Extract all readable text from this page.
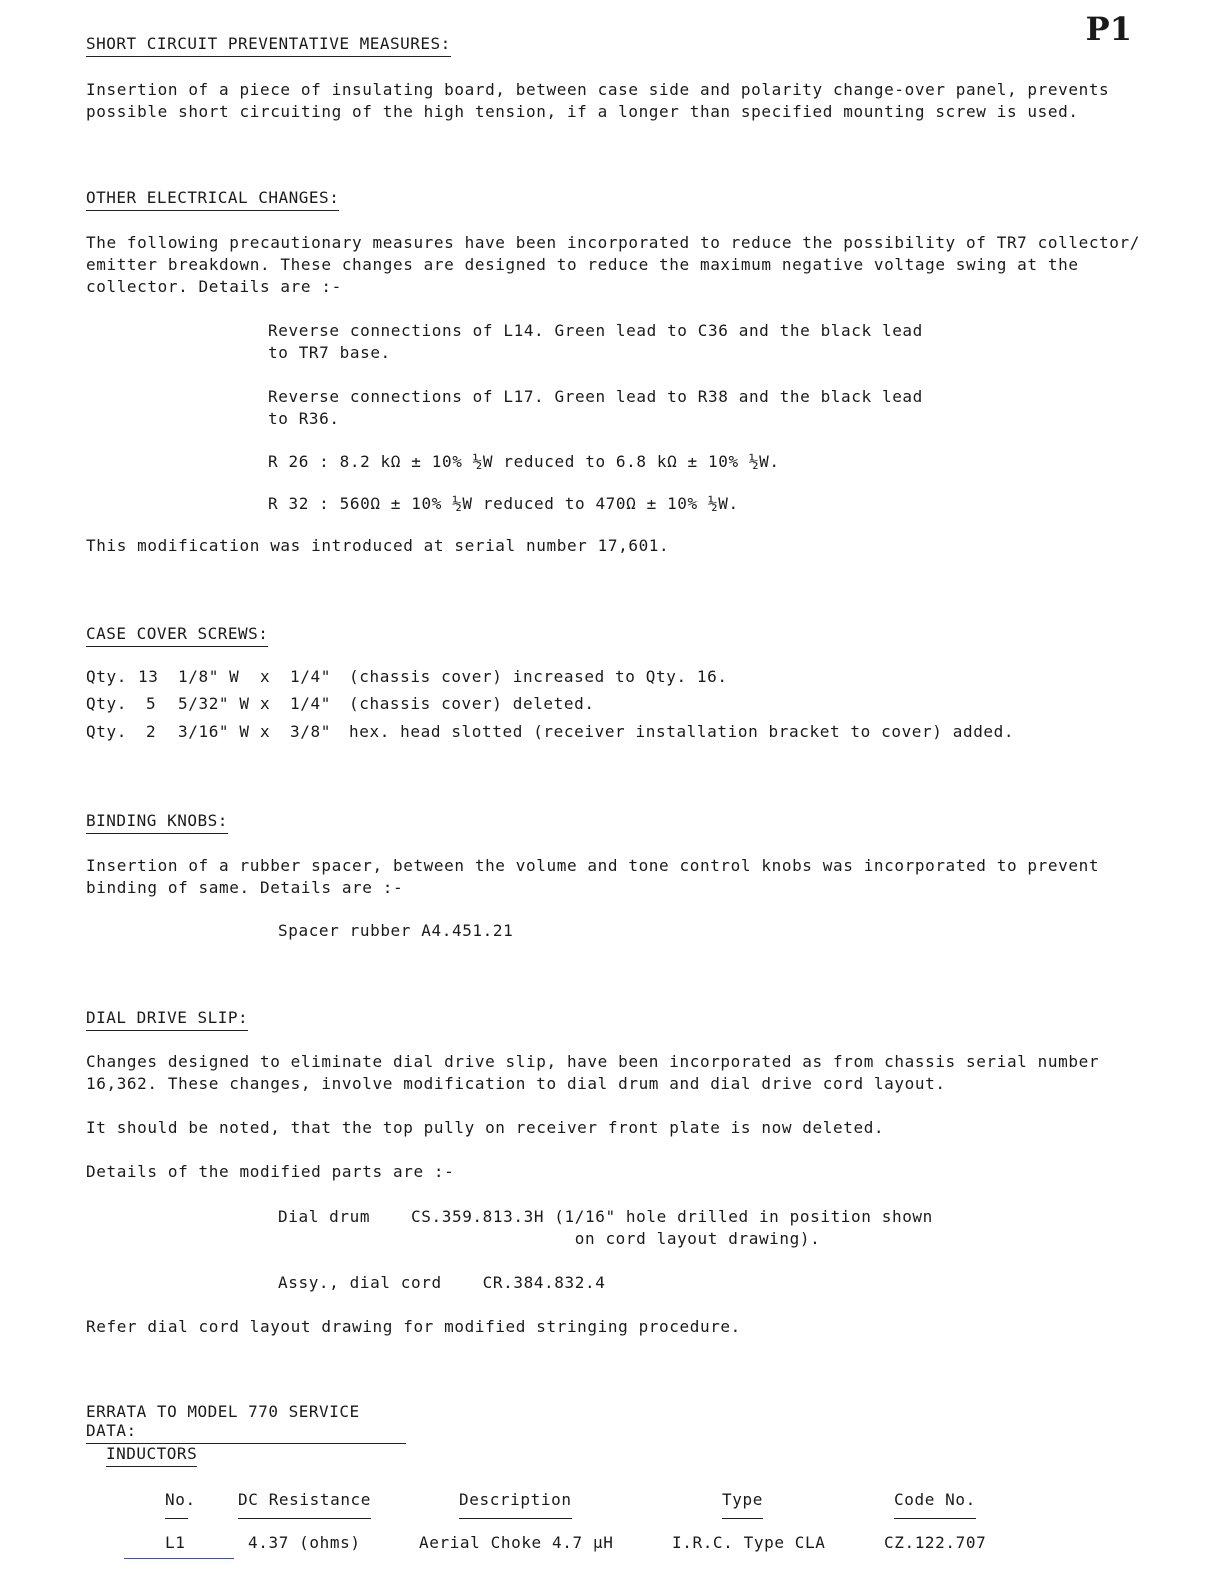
P1

SHORT CIRCUIT PREVENTATIVE MEASURES:

Insertion of a piece of insulating board, between case side and polarity change-over panel, prevents
possible short circuiting of the high tension, if a longer than specified mounting screw is used.

OTHER ELECTRICAL CHANGES:

The following precautionary measures have been incorporated to reduce the possibility of TR7 collector/
emitter breakdown. These changes are designed to reduce the maximum negative voltage swing at the
collector. Details are :-

Reverse connections of L14. Green lead to C36 and the black lead
to TR7 base.

Reverse connections of L17. Green lead to R38 and the black lead
to R36.

R 26 : 8.2 kΩ ± 10% ½W reduced to 6.8 kΩ ± 10% ½W.

R 32 : 560Ω ± 10% ½W reduced to 470Ω ± 10% ½W.

This modification was introduced at serial number 17,601.

CASE COVER SCREWS:
Qty. 13 1/8" W x 1/4" (chassis cover) increased to Qty. 16.
Qty. 5 5/32" W x 1/4" (chassis cover) deleted.
Qty. 2 3/16" W x 3/8" hex. head slotted (receiver installation bracket to cover) added.
BINDING KNOBS:

Insertion of a rubber spacer, between the volume and tone control knobs was incorporated to prevent
binding of same. Details are :-

Spacer rubber A4.451.21

DIAL DRIVE SLIP:

Changes designed to eliminate dial drive slip, have been incorporated as from chassis serial number
16,362. These changes, involve modification to dial drum and dial drive cord layout.

It should be noted, that the top pully on receiver front plate is now deleted.

Details of the modified parts are :-

Dial drum    CS.359.813.3H (1/16" hole drilled in position shown
on cord layout drawing).

Assy., dial cord    CR.384.832.4

Refer dial cord layout drawing for modified stringing procedure.

ERRATA TO MODEL 770 SERVICE DATA:

INDUCTORS

No.	DC Resistance	Description	Type	Code No.
L1	4.37 (ohms)	Aerial Choke 4.7 µH	I.R.C. Type CLA	CZ.122.707
